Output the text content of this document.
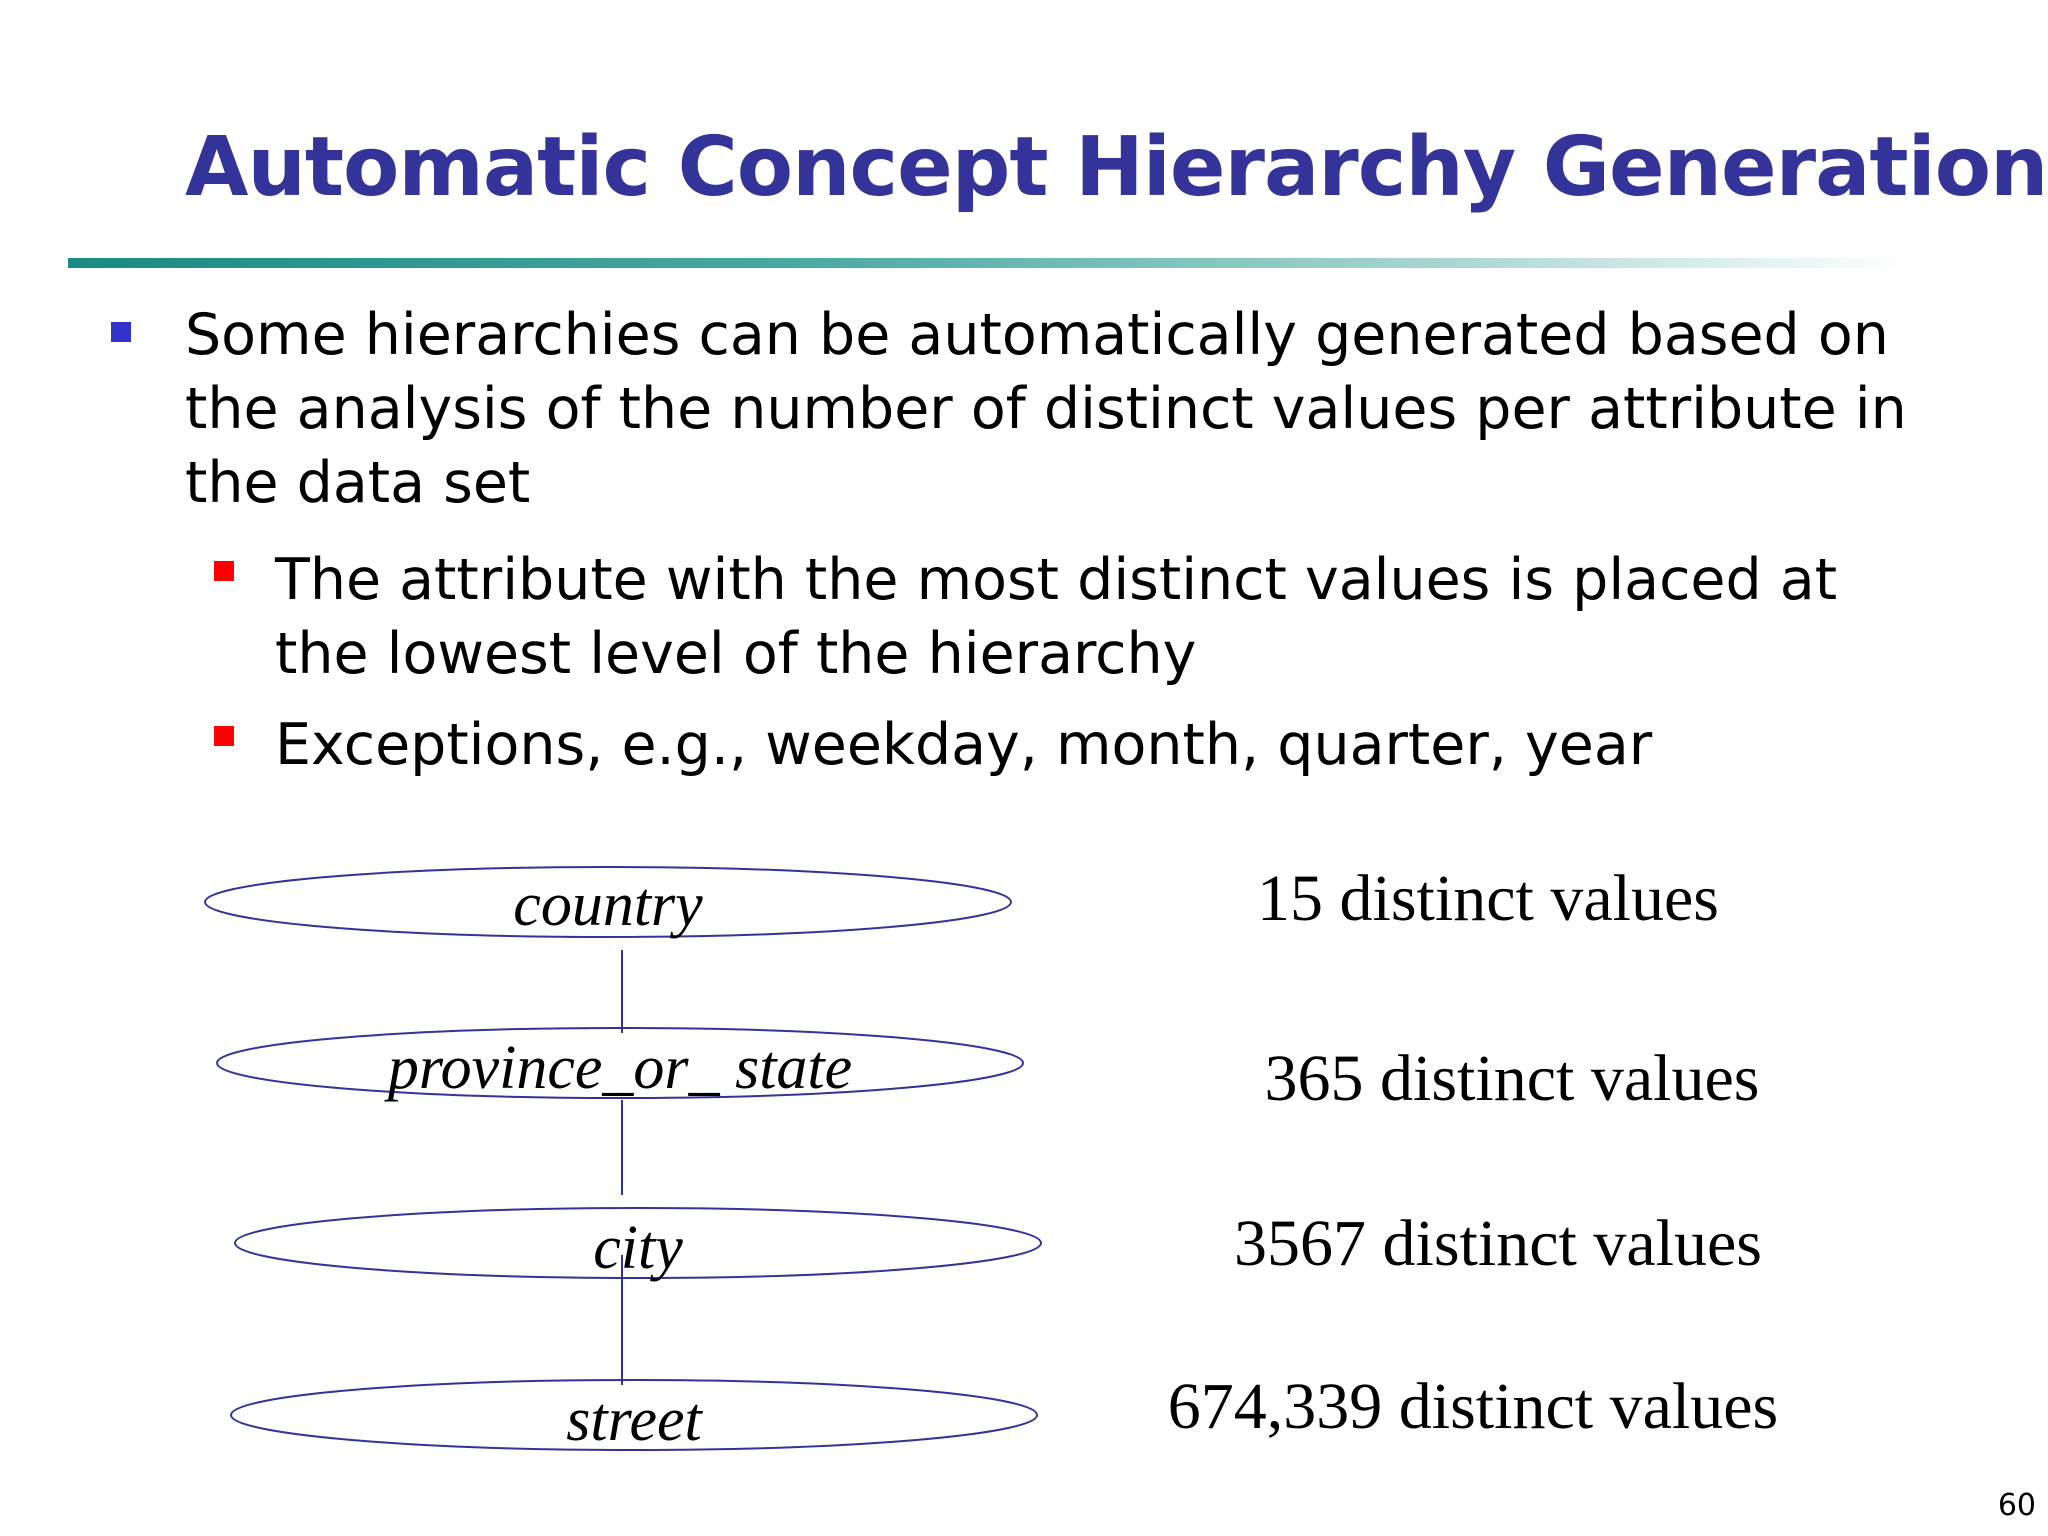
Automatic Concept Hierarchy Generation
Some hierarchies can be automatically generated based on
the analysis of the number of distinct values per attribute in
the data set
The attribute with the most distinct values is placed at
the lowest level of the hierarchy
Exceptions, e.g., weekday, month, quarter, year
country
province_or_ state
city
street
15 distinct values
365 distinct values
3567 distinct values
674,339 distinct values
60
